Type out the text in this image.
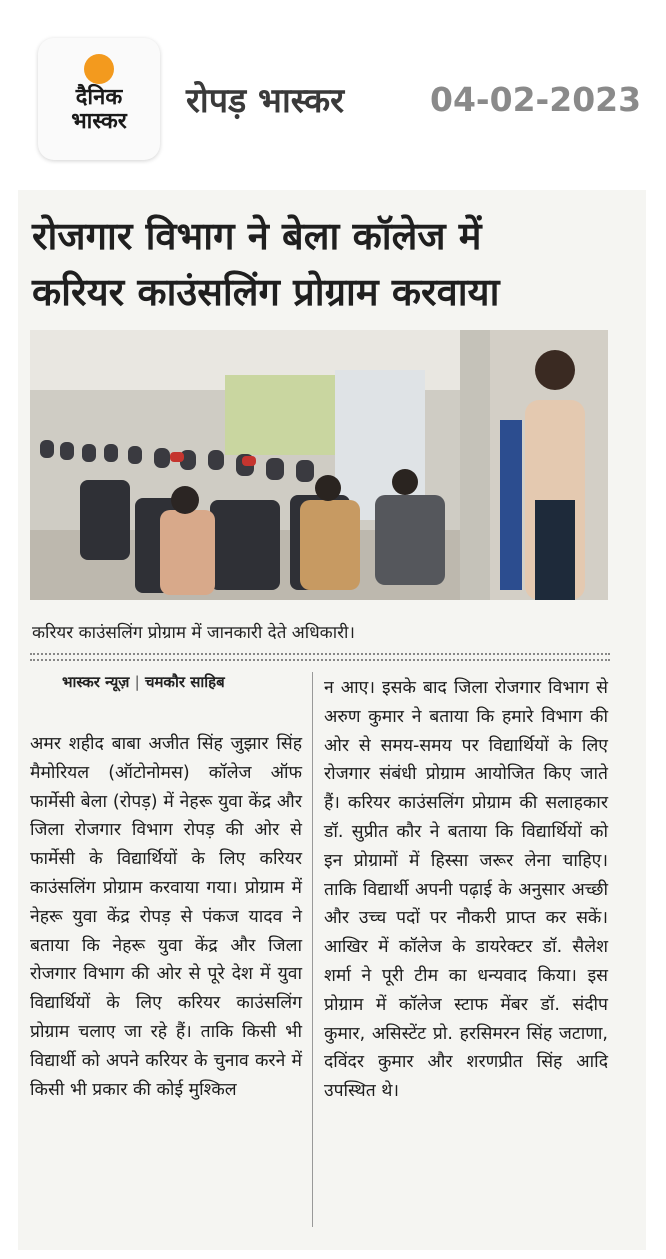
दैनिक
भास्कर
रोपड़ भास्कर	04-02-2023
रोजगार विभाग ने बेला कॉलेज में
करियर काउंसलिंग प्रोग्राम करवाया
करियर काउंसलिंग प्रोग्राम में जानकारी देते अधिकारी।
भास्कर न्यूज़ | चमकौर साहिब
अमर शहीद बाबा अजीत सिंह जुझार सिंह मैमोरियल (ऑटोनोमस) कॉलेज ऑफ फार्मेसी बेला (रोपड़) में नेहरू युवा केंद्र और जिला रोजगार विभाग रोपड़ की ओर से फार्मेसी के विद्यार्थियों के लिए करियर काउंसलिंग प्रोग्राम करवाया गया। प्रोग्राम में नेहरू युवा केंद्र रोपड़ से पंकज यादव ने बताया कि नेहरू युवा केंद्र और जिला रोजगार विभाग की ओर से पूरे देश में युवा विद्यार्थियों के लिए करियर काउंसलिंग प्रोग्राम चलाए जा रहे हैं। ताकि किसी भी विद्यार्थी को अपने करियर के चुनाव करने में किसी भी प्रकार की कोई मुश्किल
न आए। इसके बाद जिला रोजगार विभाग से अरुण कुमार ने बताया कि हमारे विभाग की ओर से समय-समय पर विद्यार्थियों के लिए रोजगार संबंधी प्रोग्राम आयोजित किए जाते हैं। करियर काउंसलिंग प्रोग्राम की सलाहकार डॉ. सुप्रीत कौर ने बताया कि विद्यार्थियों को इन प्रोग्रामों में हिस्सा जरूर लेना चाहिए। ताकि विद्यार्थी अपनी पढ़ाई के अनुसार अच्छी और उच्च पदों पर नौकरी प्राप्त कर सकें। आखिर में कॉलेज के डायरेक्टर डॉ. सैलेश शर्मा ने पूरी टीम का धन्यवाद किया। इस प्रोग्राम में कॉलेज स्टाफ मेंबर डॉ. संदीप कुमार, असिस्टेंट प्रो. हरसिमरन सिंह जटाणा, दविंदर कुमार और शरणप्रीत सिंह आदि उपस्थित थे।
